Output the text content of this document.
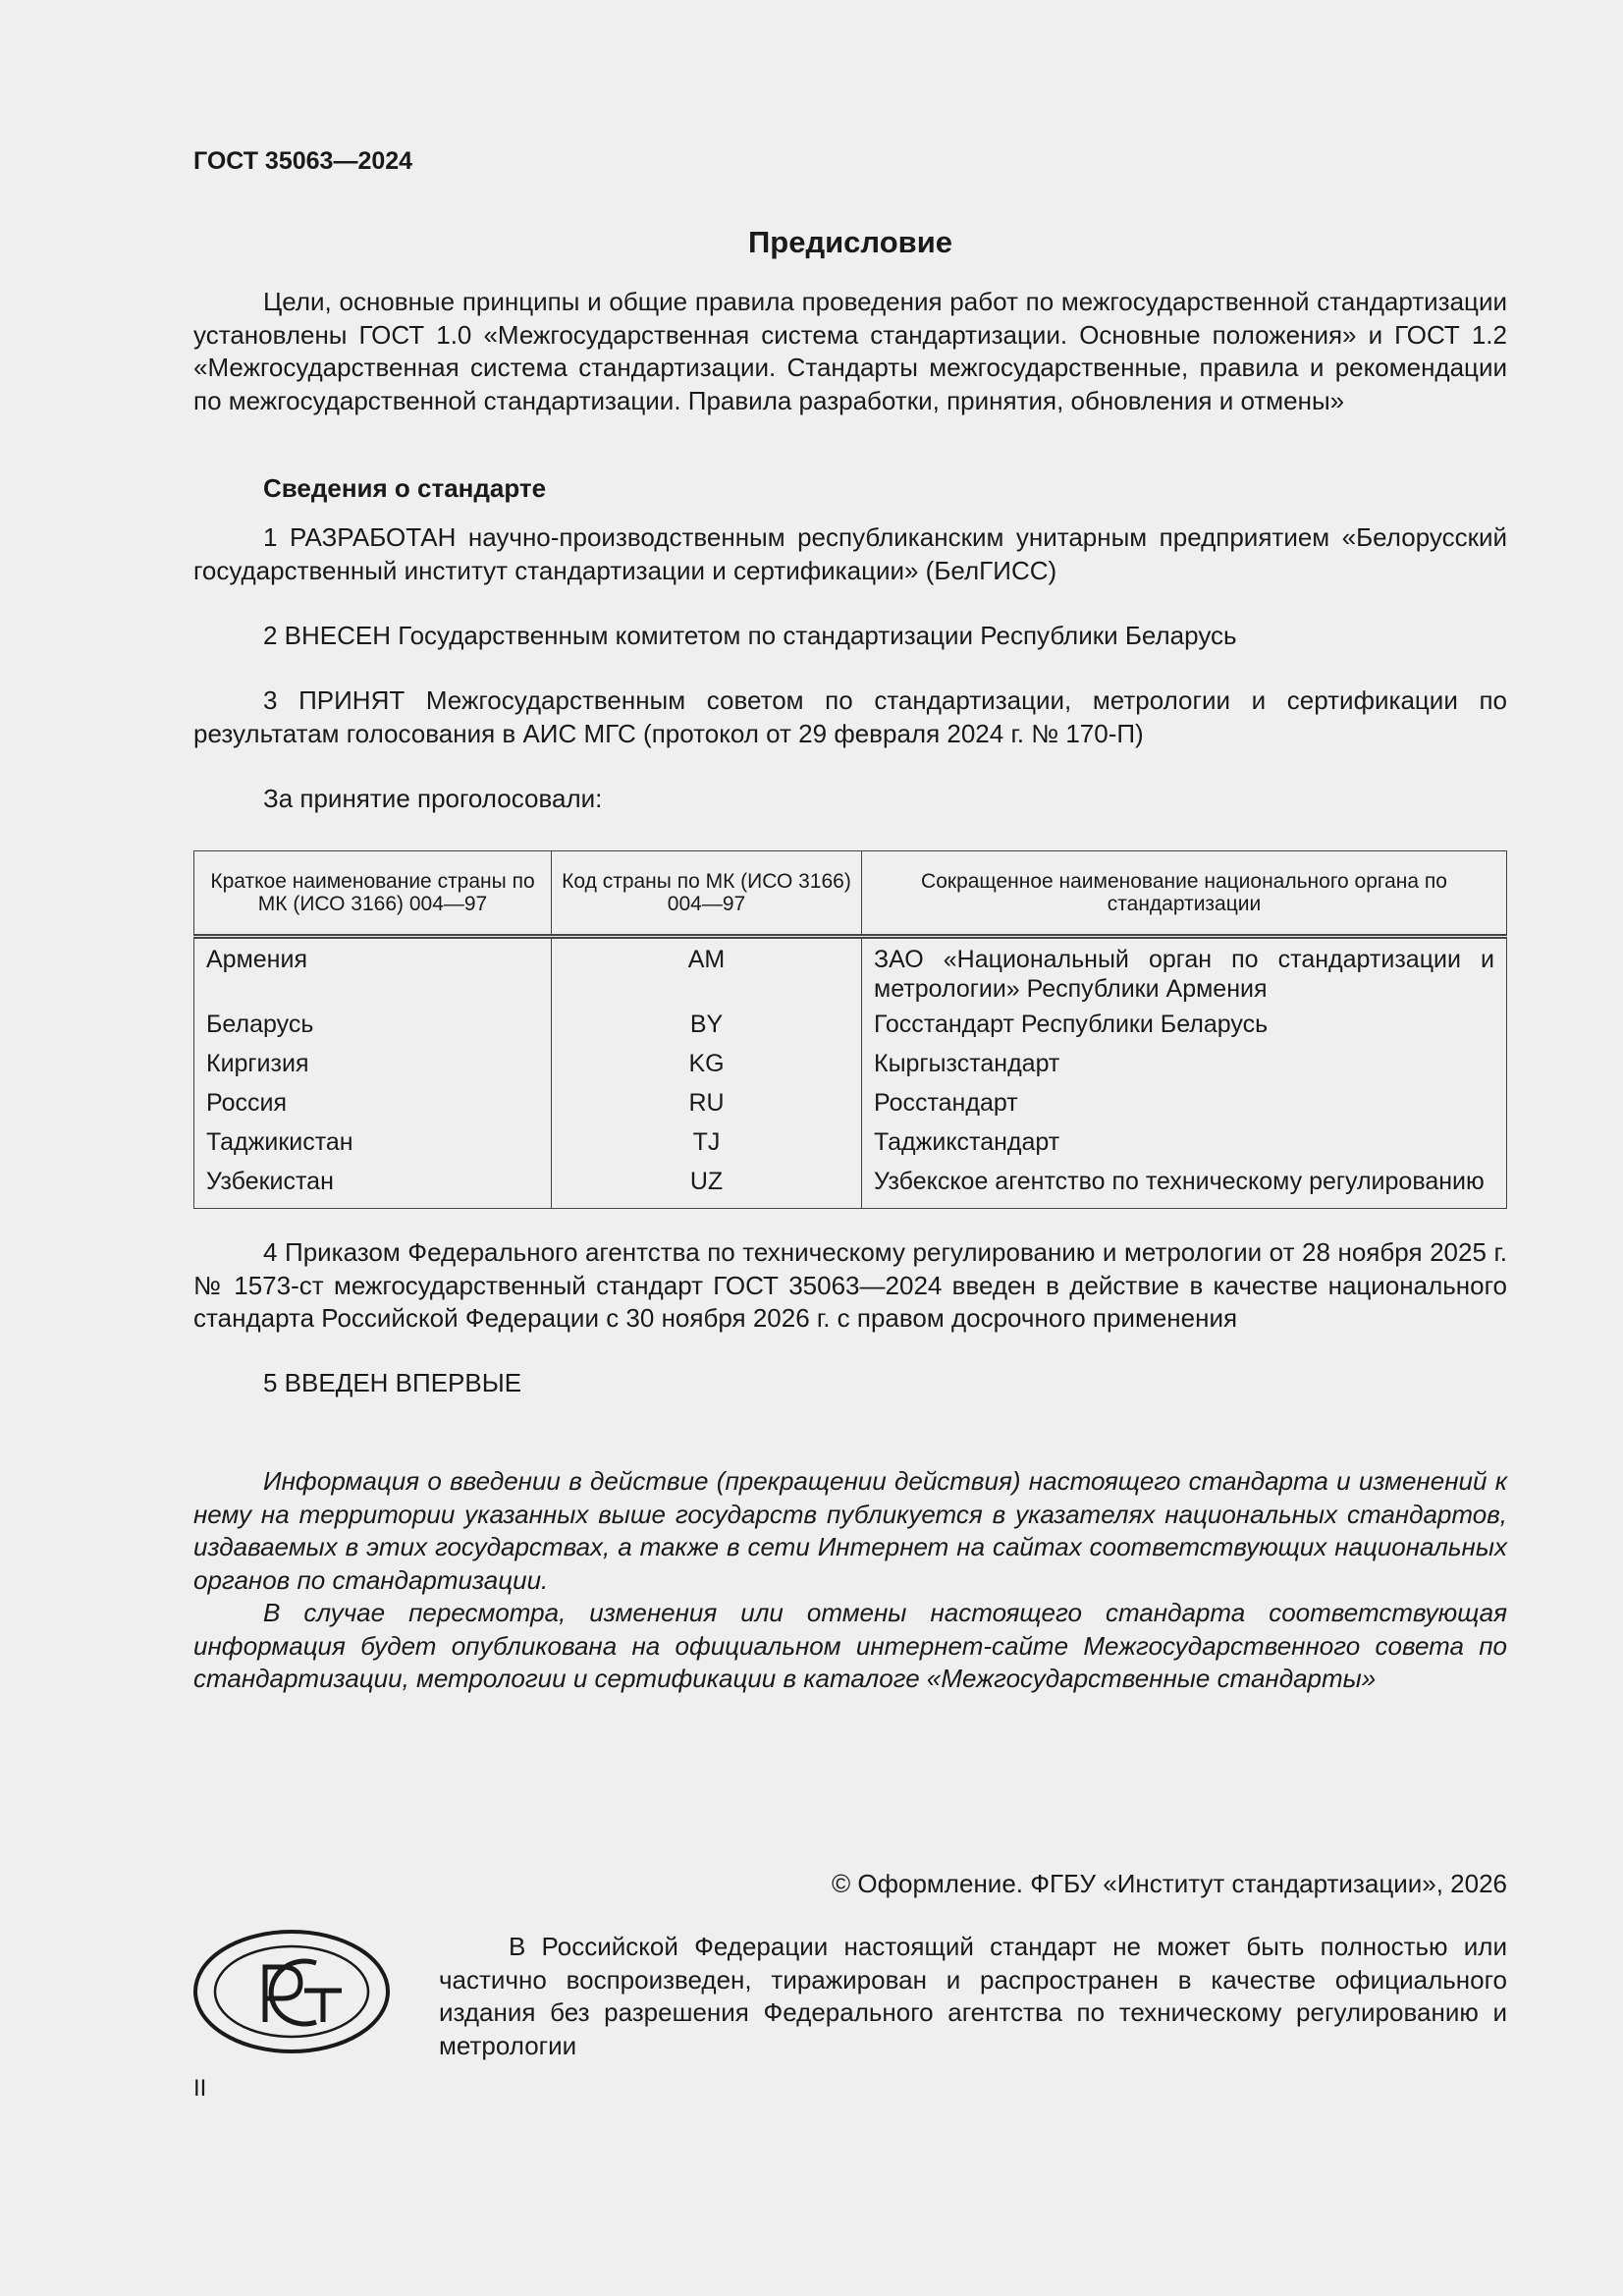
ГОСТ 35063—2024
Предисловие
Цели, основные принципы и общие правила проведения работ по межгосударственной стандартизации установлены ГОСТ 1.0 «Межгосударственная система стандартизации. Основные положения» и ГОСТ 1.2 «Межгосударственная система стандартизации. Стандарты межгосударственные, правила и рекомендации по межгосударственной стандартизации. Правила разработки, принятия, обновления и отмены»
Сведения о стандарте
1 РАЗРАБОТАН научно-производственным республиканским унитарным предприятием «Белорусский государственный институт стандартизации и сертификации» (БелГИСС)
2 ВНЕСЕН Государственным комитетом по стандартизации Республики Беларусь
3 ПРИНЯТ Межгосударственным советом по стандартизации, метрологии и сертификации по результатам голосования в АИС МГС (протокол от 29 февраля 2024 г. № 170-П)
За принятие проголосовали:
Краткое наименование страны по МК (ИСО 3166) 004—97	Код страны по МК (ИСО 3166) 004—97	Сокращенное наименование национального органа по стандартизации
Армения	AM	ЗАО «Национальный орган по стандартизации и метрологии» Республики Армения
Беларусь	BY	Госстандарт Республики Беларусь
Киргизия	KG	Кыргызстандарт
Россия	RU	Росстандарт
Таджикистан	TJ	Таджикстандарт
Узбекистан	UZ	Узбекское агентство по техническому регулированию
4 Приказом Федерального агентства по техническому регулированию и метрологии от 28 ноября 2025 г. № 1573-ст межгосударственный стандарт ГОСТ 35063—2024 введен в действие в качестве национального стандарта Российской Федерации с 30 ноября 2026 г. с правом досрочного применения
5 ВВЕДЕН ВПЕРВЫЕ
Информация о введении в действие (прекращении действия) настоящего стандарта и изменений к нему на территории указанных выше государств публикуется в указателях национальных стандартов, издаваемых в этих государствах, а также в сети Интернет на сайтах соответствующих национальных органов по стандартизации.
В случае пересмотра, изменения или отмены настоящего стандарта соответствующая информация будет опубликована на официальном интернет-сайте Межгосударственного совета по стандартизации, метрологии и сертификации в каталоге «Межгосударственные стандарты»
© Оформление. ФГБУ «Институт стандартизации», 2026
В Российской Федерации настоящий стандарт не может быть полностью или частично воспроизведен, тиражирован и распространен в качестве официального издания без разрешения Федерального агентства по техническому регулированию и метрологии
II
